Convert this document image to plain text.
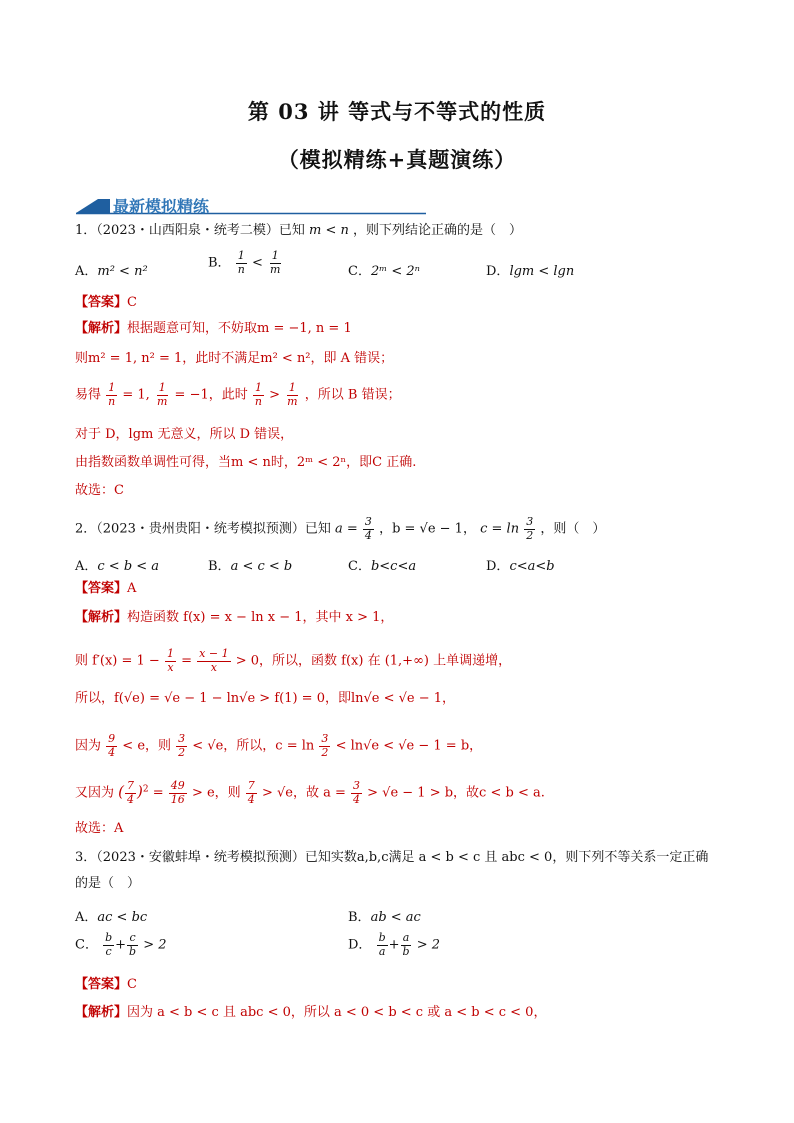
第 03 讲 等式与不等式的性质
（模拟精练+真题演练）
最新模拟精练
1．（2023・山西阳泉・统考二模）已知 m < n ，则下列结论正确的是（　）
A．m² < n²
B． $\frac{1}{n} < \frac{1}{m}$	C．2ᵐ < 2ⁿ	D．lgm < lgn
【答案】C
【解析】根据题意可知，不妨取m = −1, n = 1
则m² = 1, n² = 1，此时不满足m² < n²，即 A 错误；
易得 $\frac{1}{n} = 1$, $\frac{1}{m} = -1$，此时 $\frac{1}{n} > \frac{1}{m}$ ，所以 B 错误；
对于 D，lgm 无意义，所以 D 错误，
由指数函数单调性可得，当m < n时，2ᵐ < 2ⁿ，即C 正确.
故选：C
2．（2023・贵州贵阳・统考模拟预测）已知 $a = \frac{3}{4}$ ，b = √e − 1， $c = \ln \frac{3}{2}$ ，则（　）
A．c < b < a	B．a < c < b	C．b<c<a	D．c<a<b
【答案】A
【解析】构造函数 f(x) = x − ln x − 1，其中 x > 1，
则 $f'(x) = 1 - \frac{1}{x} = \frac{x - 1}{x} > 0$，所以，函数 f(x) 在 (1,+∞) 上单调递增，
所以，f(√e) = √e − 1 − ln√e > f(1) = 0，即ln√e < √e − 1，
因为 $\frac{9}{4} < e$，则 $\frac{3}{2} < √e$，所以，$c = \ln \frac{3}{2} < \ln√e < √e - 1 = b$，
又因为 ( $\frac{7}{4} )^2 = \frac{49}{16} > e$，则 $\frac{7}{4} > √e$，故 $a = \frac{3}{4} > √e - 1 > b$，故c < b < a.
故选：A
3．（2023・安徽蚌埠・统考模拟预测）已知实数a,b,c满足 a < b < c 且 abc < 0，则下列不等关系一定正确
的是（　）
A．ac < bc	B．ab < ac
C． $\frac{b}{c} + \frac{c}{b} > 2$	D． $\frac{b}{a} + \frac{a}{b} > 2$
【答案】C
【解析】因为 a < b < c 且 abc < 0，所以 a < 0 < b < c 或 a < b < c < 0，
